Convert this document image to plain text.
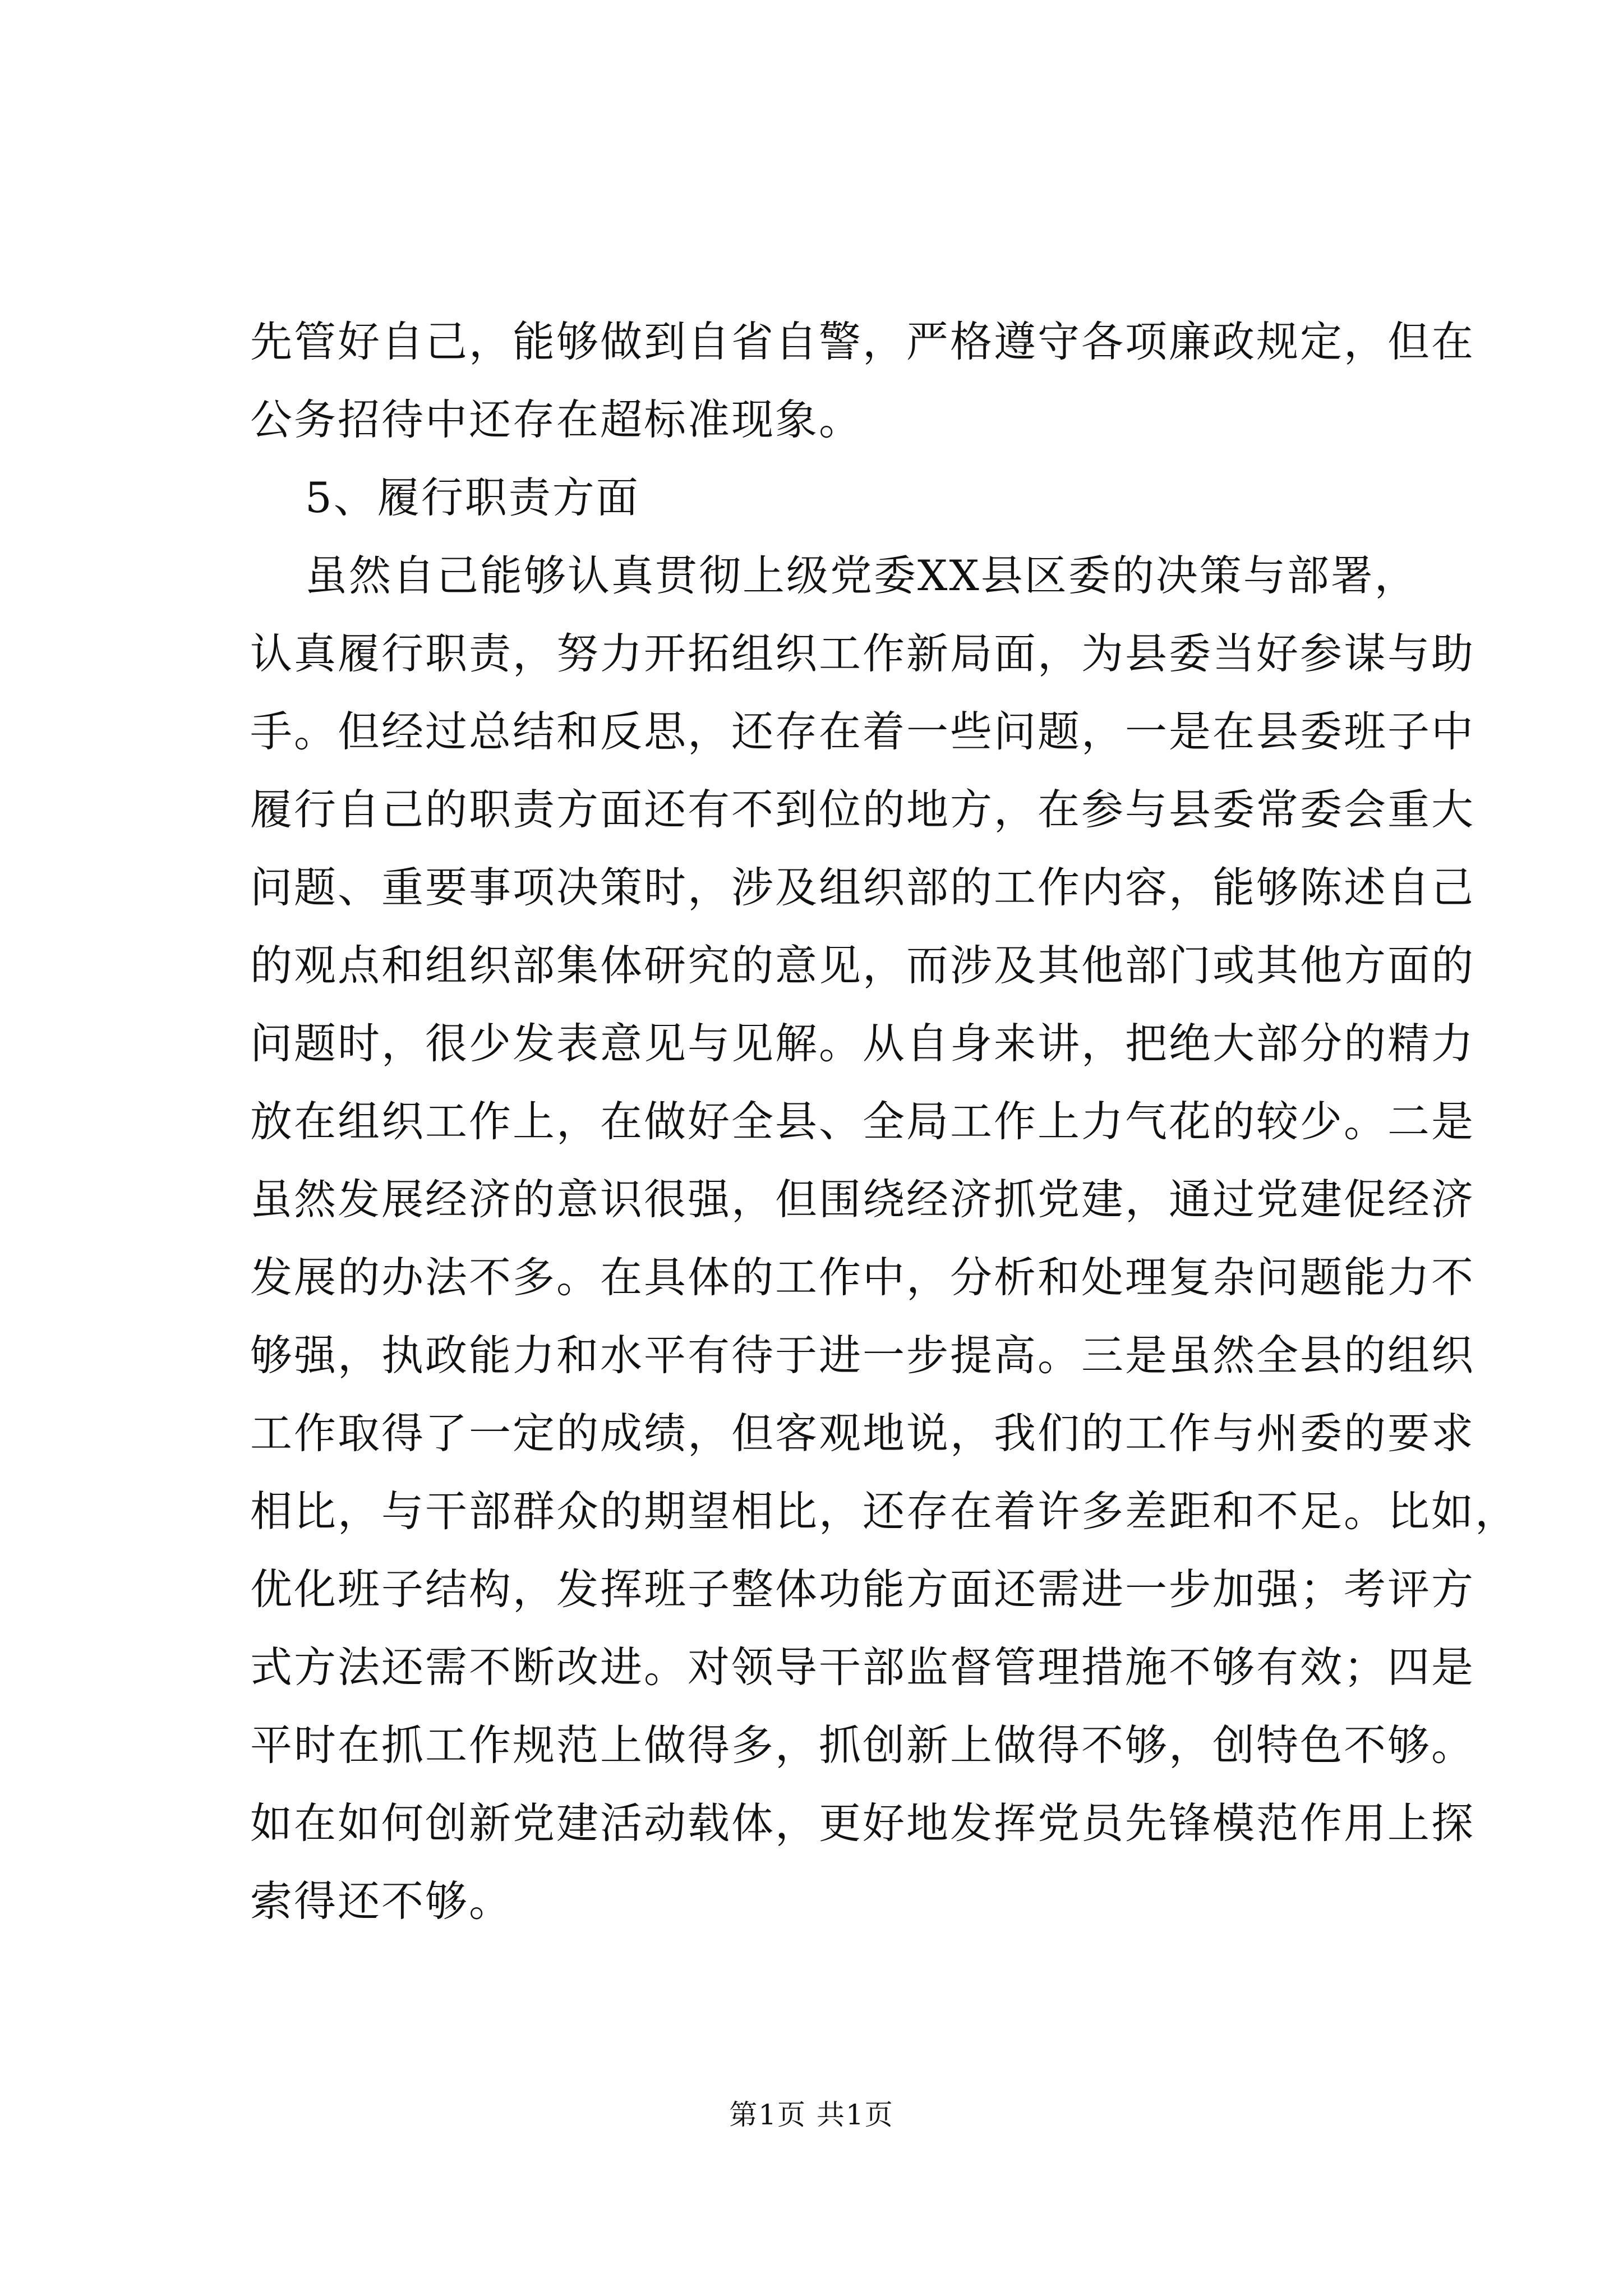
先管好自己，能够做到自省自警，严格遵守各项廉政规定，但在
公务招待中还存在超标准现象。
5、履行职责方面
虽然自己能够认真贯彻上级党委XX县区委的决策与部署，
认真履行职责，努力开拓组织工作新局面，为县委当好参谋与助
手。但经过总结和反思，还存在着一些问题，一是在县委班子中
履行自己的职责方面还有不到位的地方，在参与县委常委会重大
问题、重要事项决策时，涉及组织部的工作内容，能够陈述自己
的观点和组织部集体研究的意见，而涉及其他部门或其他方面的
问题时，很少发表意见与见解。从自身来讲，把绝大部分的精力
放在组织工作上，在做好全县、全局工作上力气花的较少。二是
虽然发展经济的意识很强，但围绕经济抓党建，通过党建促经济
发展的办法不多。在具体的工作中，分析和处理复杂问题能力不
够强，执政能力和水平有待于进一步提高。三是虽然全县的组织
工作取得了一定的成绩，但客观地说，我们的工作与州委的要求
相比，与干部群众的期望相比，还存在着许多差距和不足。比如，
优化班子结构，发挥班子整体功能方面还需进一步加强；考评方
式方法还需不断改进。对领导干部监督管理措施不够有效；四是
平时在抓工作规范上做得多，抓创新上做得不够，创特色不够。
如在如何创新党建活动载体，更好地发挥党员先锋模范作用上探
索得还不够。
第1页 共1页
